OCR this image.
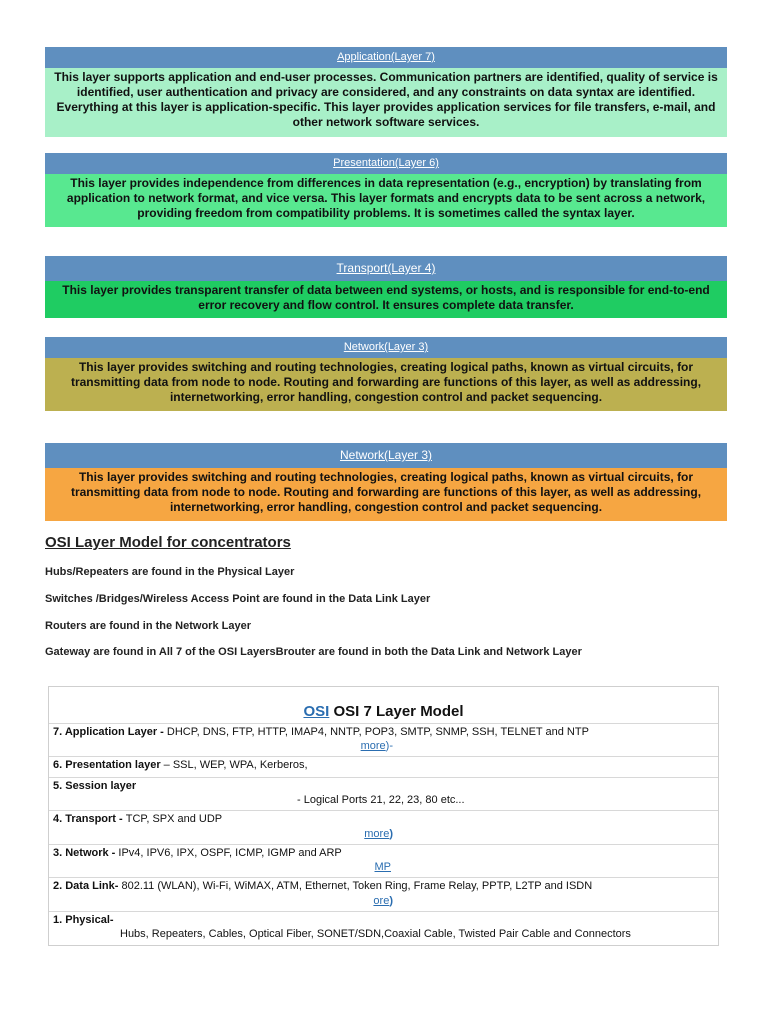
Application(Layer 7)
This layer supports application and end-user processes. Communication partners are identified, quality of service is identified, user authentication and privacy are considered, and any constraints on data syntax are identified. Everything at this layer is application-specific. This layer provides application services for file transfers, e-mail, and other network software services.
Presentation(Layer 6)
This layer provides independence from differences in data representation (e.g., encryption) by translating from application to network format, and vice versa. This layer formats and encrypts data to be sent across a network, providing freedom from compatibility problems. It is sometimes called the syntax layer.
Transport(Layer 4)
This layer provides transparent transfer of data between end systems, or hosts, and is responsible for end-to-end error recovery and flow control. It ensures complete data transfer.
Network(Layer 3)
This layer provides switching and routing technologies, creating logical paths, known as virtual circuits, for transmitting data from node to node. Routing and forwarding are functions of this layer, as well as addressing, internetworking, error handling, congestion control and packet sequencing.
Network(Layer 3)
This layer provides switching and routing technologies, creating logical paths, known as virtual circuits, for transmitting data from node to node. Routing and forwarding are functions of this layer, as well as addressing, internetworking, error handling, congestion control and packet sequencing.
OSI Layer Model for concentrators
Hubs/Repeaters are found in the Physical Layer
Switches /Bridges/Wireless Access Point are found in the Data Link Layer
Routers are found in the Network Layer
Gateway are found in All 7 of the OSI LayersBrouter are found in both the Data Link and Network Layer
OSI OSI 7 Layer Model
7. Application Layer - DHCP, DNS, FTP, HTTP, IMAP4, NNTP, POP3, SMTP, SNMP, SSH, TELNET and NTP
more)-
6. Presentation layer – SSL, WEP, WPA, Kerberos,
5. Session layer
- Logical Ports 21, 22, 23, 80 etc...
4. Transport - TCP, SPX and UDP
more)
3. Network - IPv4, IPV6, IPX, OSPF, ICMP, IGMP and ARP
MP
2. Data Link- 802.11 (WLAN), Wi-Fi, WiMAX, ATM, Ethernet, Token Ring, Frame Relay, PPTP, L2TP and ISDN
ore)
1. Physical-
Hubs, Repeaters, Cables, Optical Fiber, SONET/SDN,Coaxial Cable, Twisted Pair Cable and Connectors
